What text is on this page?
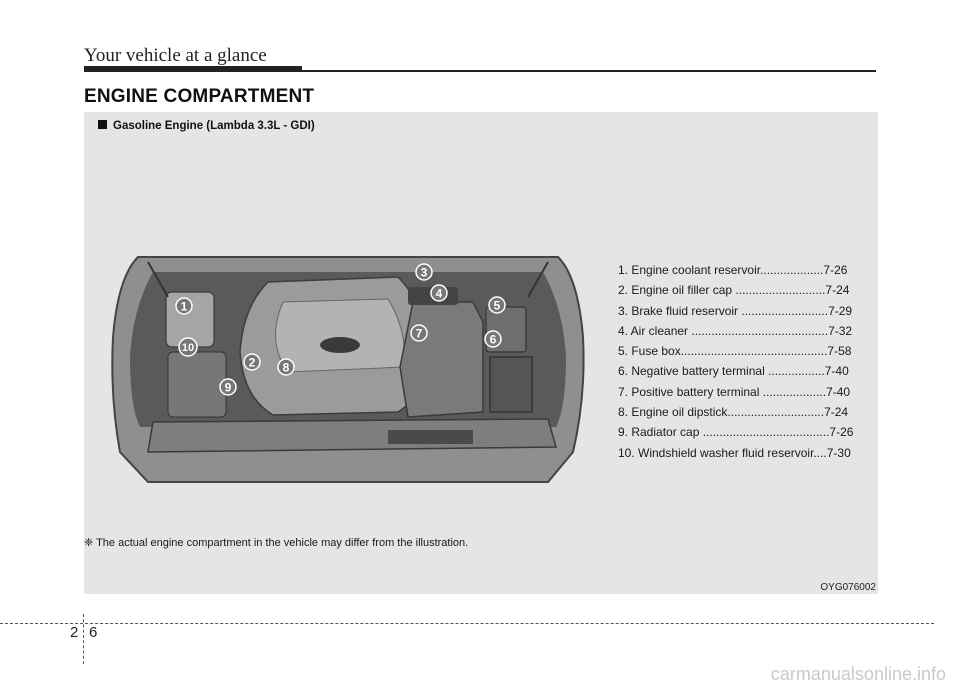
Your vehicle at a glance
ENGINE COMPARTMENT
Gasoline Engine (Lambda 3.3L - GDI)
1
2
3
4
5
6
7
8
9
10
1. Engine coolant reservoir...................7-26
2. Engine oil filler cap ...........................7-24
3. Brake fluid reservoir ..........................7-29
4. Air cleaner .........................................7-32
5. Fuse box............................................7-58
6. Negative battery terminal .................7-40
7. Positive battery terminal ...................7-40
8. Engine oil dipstick.............................7-24
9. Radiator cap ......................................7-26
10. Windshield washer fluid reservoir....7-30
❈ The actual engine compartment in the vehicle may differ from the illustration.
OYG076002
2 6
carmanualsonline.info
